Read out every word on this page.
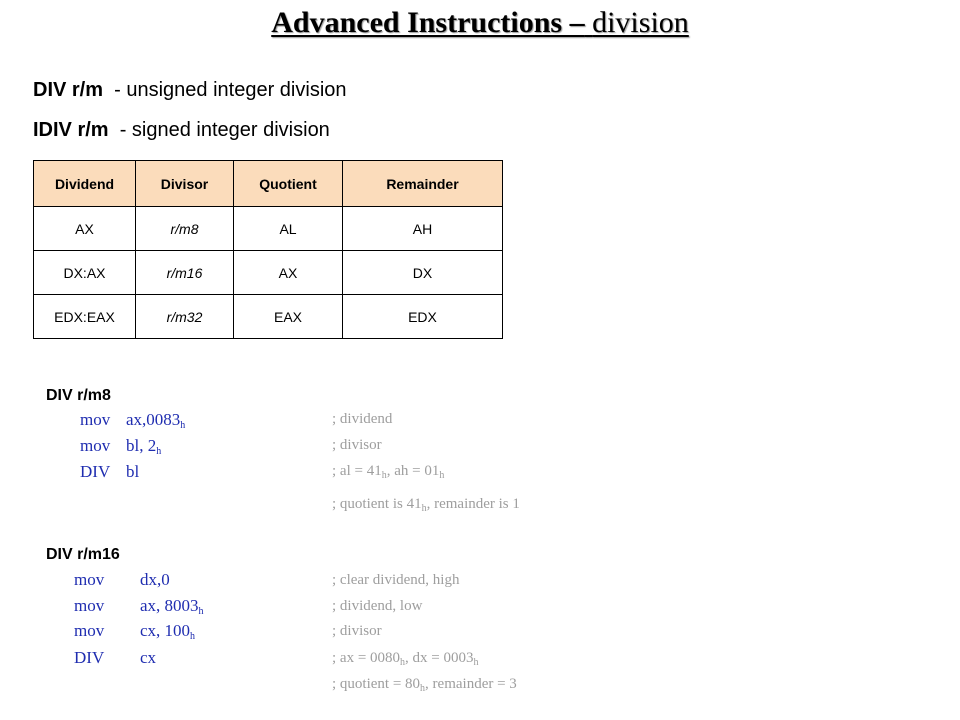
Advanced Instructions – division
DIV r/m  - unsigned integer division
IDIV r/m  - signed integer division
Dividend	Divisor	Quotient	Remainder
AX	r/m8	AL	AH
DX:AX	r/m16	AX	DX
EDX:EAX	r/m32	EAX	EDX
DIV r/m8
mov $ax,0083_h$	; dividend
mov bl, $2_h$	; divisor
DIV bl	; al = $41_h$, ah = $01_h$
; quotient is $41_h$, remainder is 1
DIV r/m16
mov dx,0	; clear dividend, high
mov ax, $8003_h$	; dividend, low
mov cx, $100_h$	; divisor
DIV cx	; ax = $0080_h$, dx = $0003_h$
; quotient = $80_h$, remainder = 3
